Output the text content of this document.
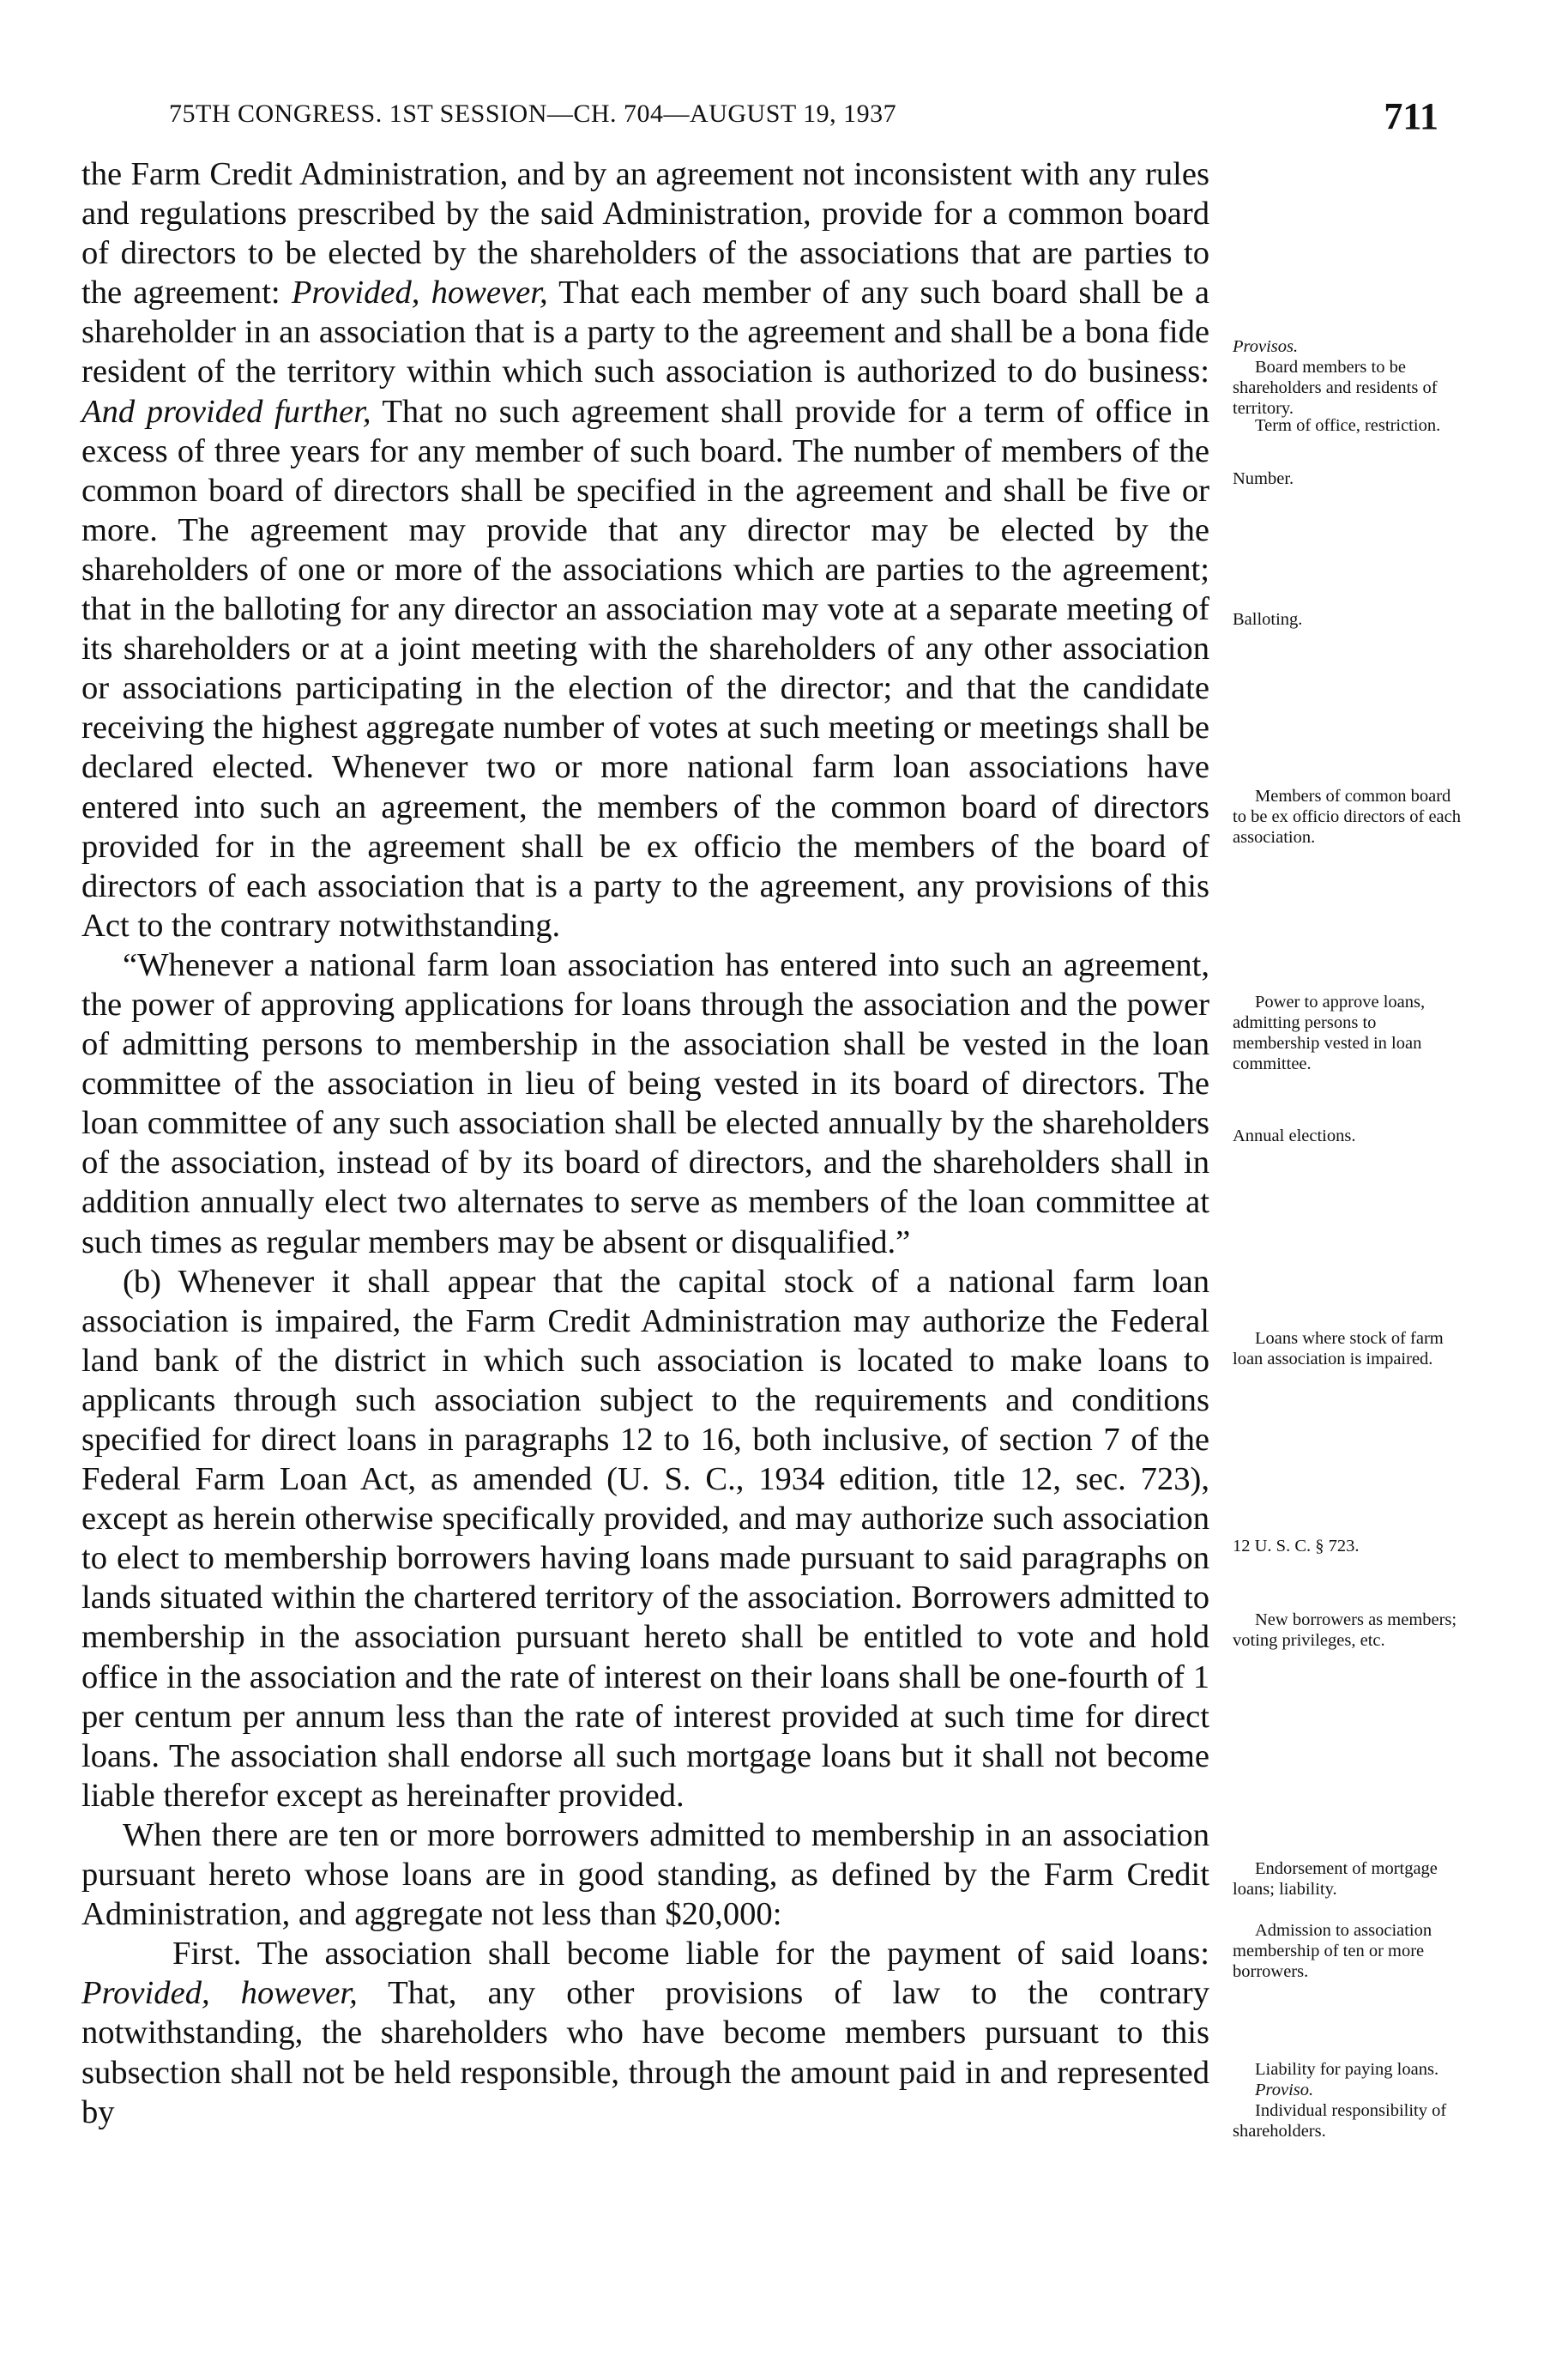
75TH CONGRESS. 1ST SESSION—CH. 704—AUGUST 19, 1937	711

the Farm Credit Administration, and by an agreement not inconsistent with any rules and regulations prescribed by the said Administration, provide for a common board of directors to be elected by the shareholders of the associations that are parties to the agreement: Provided, however, That each member of any such board shall be a shareholder in an association that is a party to the agreement and shall be a bona fide resident of the territory within which such association is authorized to do business: And provided further, That no such agreement shall provide for a term of office in excess of three years for any member of such board. The number of members of the common board of directors shall be specified in the agreement and shall be five or more. The agreement may provide that any director may be elected by the shareholders of one or more of the associations which are parties to the agreement; that in the balloting for any director an association may vote at a separate meeting of its shareholders or at a joint meeting with the shareholders of any other association or associations participating in the election of the director; and that the candidate receiving the highest aggregate number of votes at such meeting or meetings shall be declared elected. Whenever two or more national farm loan associations have entered into such an agreement, the members of the common board of directors provided for in the agreement shall be ex officio the members of the board of directors of each association that is a party to the agreement, any provisions of this Act to the contrary notwithstanding.

“Whenever a national farm loan association has entered into such an agreement, the power of approving applications for loans through the association and the power of admitting persons to membership in the association shall be vested in the loan committee of the association in lieu of being vested in its board of directors. The loan committee of any such association shall be elected annually by the shareholders of the association, instead of by its board of directors, and the shareholders shall in addition annually elect two alternates to serve as members of the loan committee at such times as regular members may be absent or disqualified.”

(b) Whenever it shall appear that the capital stock of a national farm loan association is impaired, the Farm Credit Administration may authorize the Federal land bank of the district in which such association is located to make loans to applicants through such association subject to the requirements and conditions specified for direct loans in paragraphs 12 to 16, both inclusive, of section 7 of the Federal Farm Loan Act, as amended (U. S. C., 1934 edition, title 12, sec. 723), except as herein otherwise specifically provided, and may authorize such association to elect to membership borrowers having loans made pursuant to said paragraphs on lands situated within the chartered territory of the association. Borrowers admitted to membership in the association pursuant hereto shall be entitled to vote and hold office in the association and the rate of interest on their loans shall be one-fourth of 1 per centum per annum less than the rate of interest provided at such time for direct loans. The association shall endorse all such mortgage loans but it shall not become liable therefor except as hereinafter provided.

When there are ten or more borrowers admitted to membership in an association pursuant hereto whose loans are in good standing, as defined by the Farm Credit Administration, and aggregate not less than $20,000:

First. The association shall become liable for the payment of said loans: Provided, however, That, any other provisions of law to the contrary notwithstanding, the shareholders who have become members pursuant to this subsection shall not be held responsible, through the amount paid in and represented by

Provisos.
Board members to be shareholders and residents of territory.
Term of office, restriction.
Number.
Balloting.
Members of common board to be ex officio directors of each association.
Power to approve loans, admitting persons to membership vested in loan committee.
Annual elections.
Loans where stock of farm loan association is impaired.
12 U. S. C. § 723.
New borrowers as members; voting privileges, etc.
Endorsement of mortgage loans; liability.
Admission to association membership of ten or more borrowers.
Liability for paying loans.
Proviso.
Individual responsibility of shareholders.
